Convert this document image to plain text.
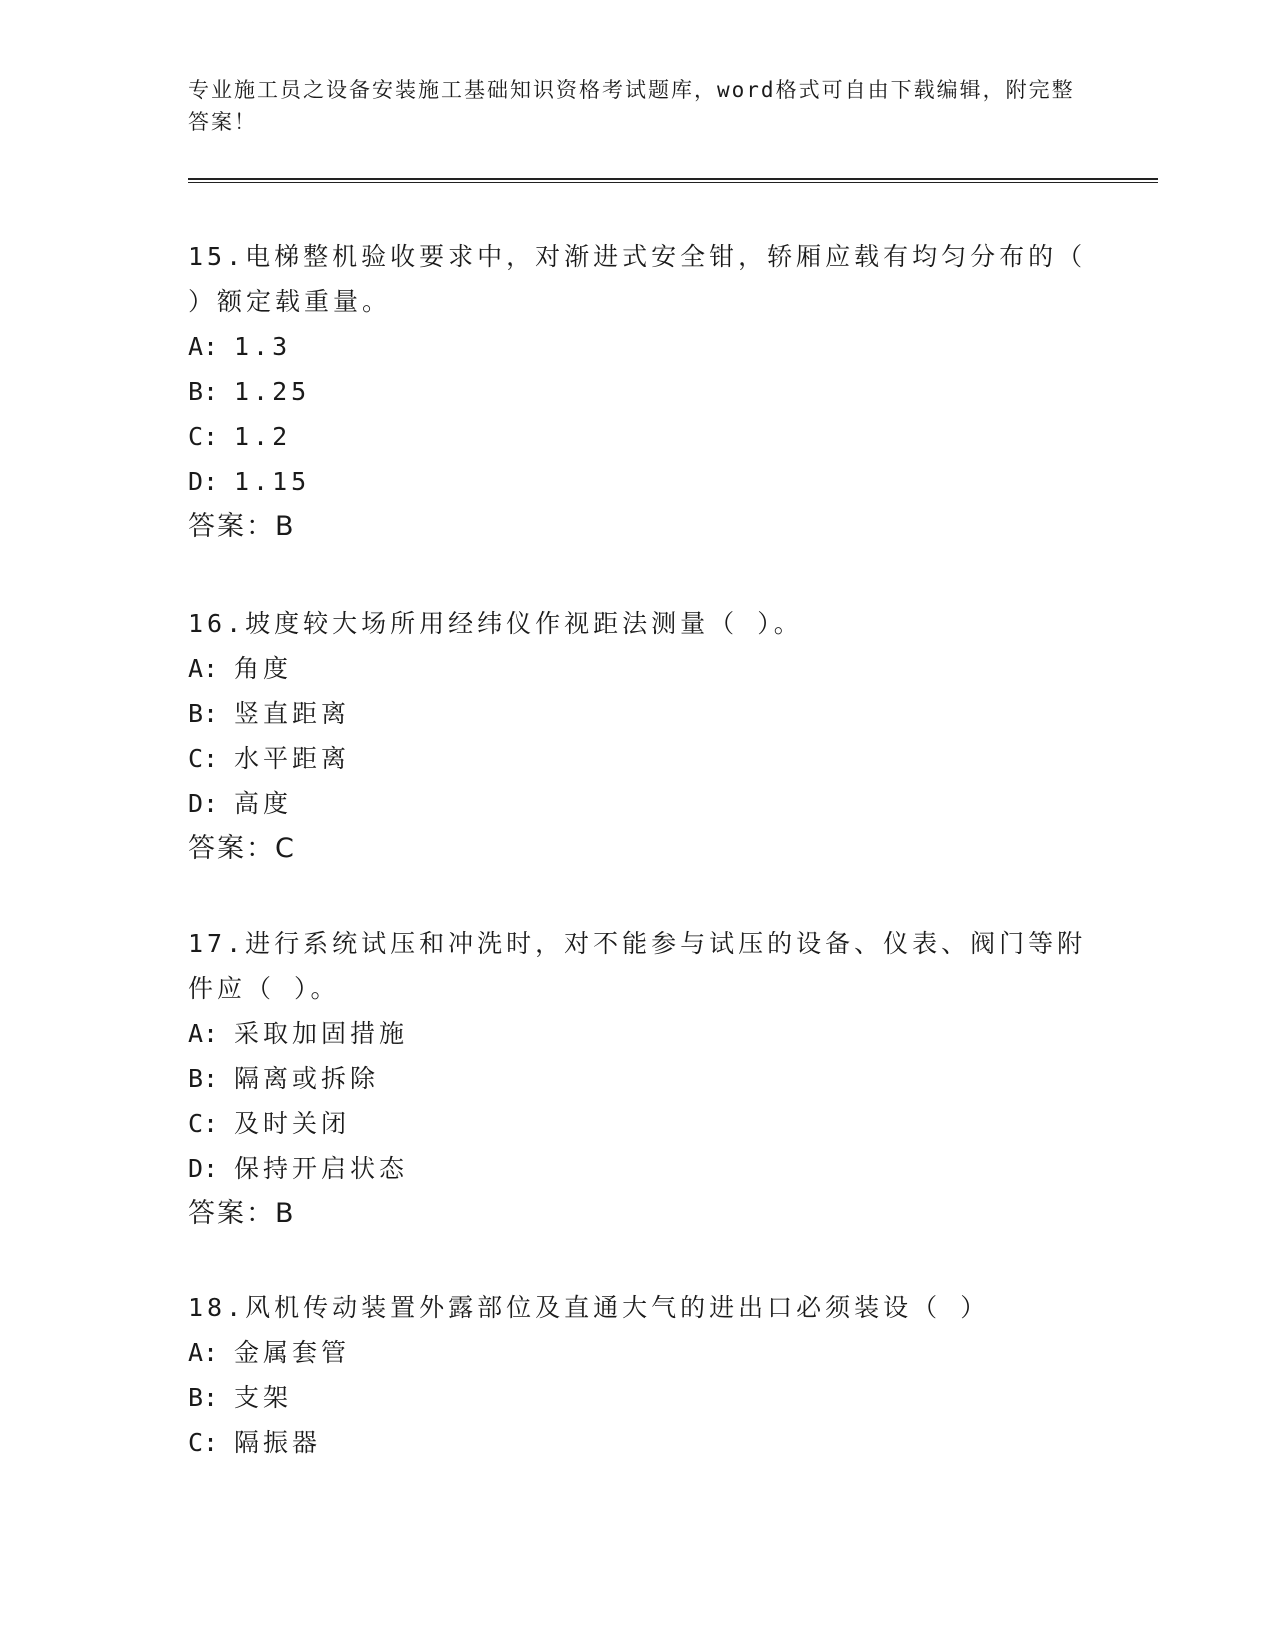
专业施工员之设备安装施工基础知识资格考试题库，word格式可自由下载编辑，附完整答案！

15.电梯整机验收要求中，对渐进式安全钳，轿厢应载有均匀分布的（ ）额定载重量。

A: 1.3

B: 1.25

C: 1.2

D: 1.15

答案：B

16.坡度较大场所用经纬仪作视距法测量（ ）。

A: 角度

B: 竖直距离

C: 水平距离

D: 高度

答案：C

17.进行系统试压和冲洗时，对不能参与试压的设备、仪表、阀门等附件应（ ）。

A: 采取加固措施

B: 隔离或拆除

C: 及时关闭

D: 保持开启状态

答案：B

18.风机传动装置外露部位及直通大气的进出口必须装设（ ）

A: 金属套管

B: 支架

C: 隔振器
